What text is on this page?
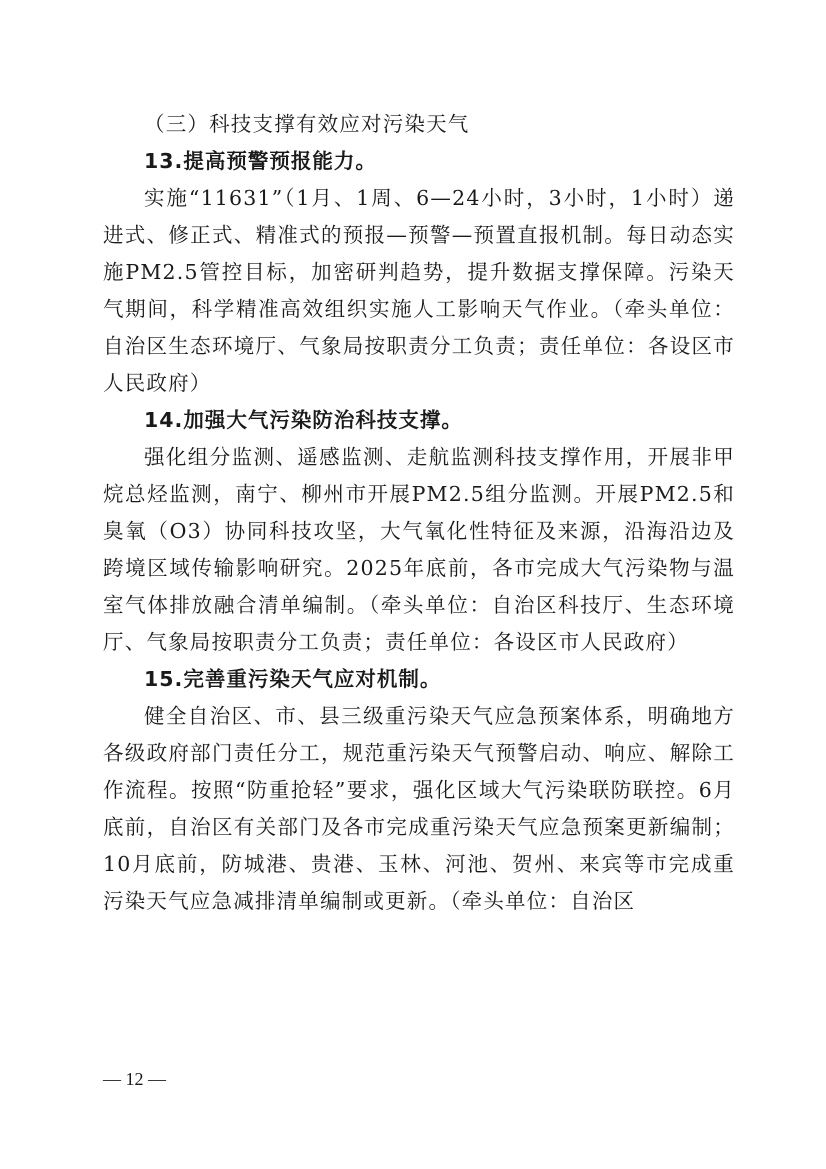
（三）科技支撑有效应对污染天气

13.提高预警预报能力。

实施“11631”（1月、1周、6—24小时，3小时，1小时）递进式、修正式、精准式的预报—预警—预置直报机制。每日动态实施PM2.5管控目标，加密研判趋势，提升数据支撑保障。污染天气期间，科学精准高效组织实施人工影响天气作业。（牵头单位：自治区生态环境厅、气象局按职责分工负责；责任单位：各设区市人民政府）

14.加强大气污染防治科技支撑。

强化组分监测、遥感监测、走航监测科技支撑作用，开展非甲烷总烃监测，南宁、柳州市开展PM2.5组分监测。开展PM2.5和臭氧（O3）协同科技攻坚，大气氧化性特征及来源，沿海沿边及跨境区域传输影响研究。2025年底前，各市完成大气污染物与温室气体排放融合清单编制。（牵头单位：自治区科技厅、生态环境厅、气象局按职责分工负责；责任单位：各设区市人民政府）

15.完善重污染天气应对机制。

健全自治区、市、县三级重污染天气应急预案体系，明确地方各级政府部门责任分工，规范重污染天气预警启动、响应、解除工作流程。按照“防重抢轻”要求，强化区域大气污染联防联控。6月底前，自治区有关部门及各市完成重污染天气应急预案更新编制；10月底前，防城港、贵港、玉林、河池、贺州、来宾等市完成重污染天气应急减排清单编制或更新。（牵头单位：自治区

— 12 —
